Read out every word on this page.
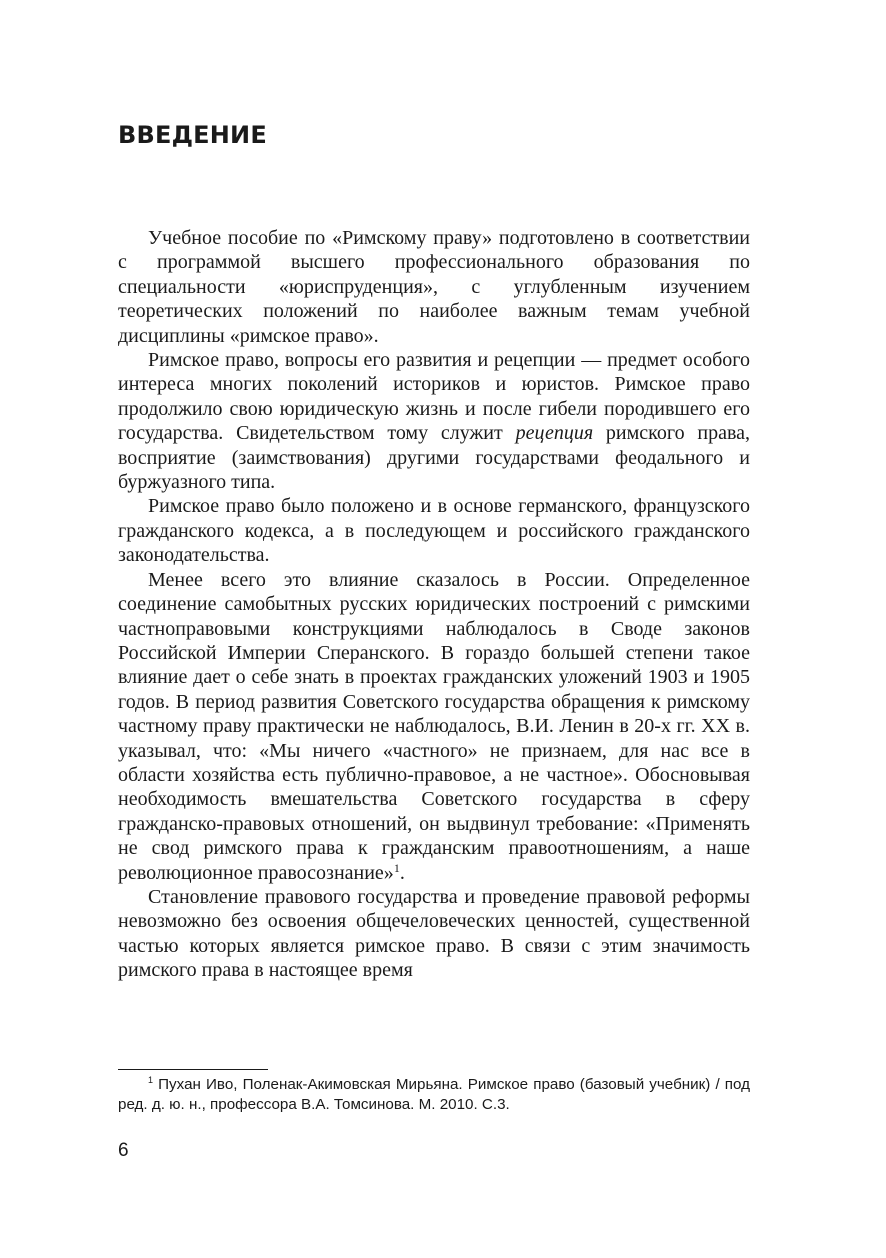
ВВЕДЕНИЕ

Учебное пособие по «Римскому праву» подготовлено в соответствии с программой высшего профессионального образования по специальности «юриспруденция», с углубленным изучением теоретических положений по наиболее важным темам учебной дисциплины «римское право».

Римское право, вопросы его развития и рецепции — предмет особого интереса многих поколений историков и юристов. Римское право продолжило свою юридическую жизнь и после гибели породившего его государства. Свидетельством тому служит рецепция римского права, восприятие (заимствования) другими государствами феодального и буржуазного типа.

Римское право было положено и в основе германского, французского гражданского кодекса, а в последующем и российского гражданского законодательства.

Менее всего это влияние сказалось в России. Определенное соединение самобытных русских юридических построений с римскими частноправовыми конструкциями наблюдалось в Своде законов Российской Империи Сперанского. В гораздо большей степени такое влияние дает о себе знать в проектах гражданских уложений 1903 и 1905 годов. В период развития Советского государства обращения к римскому частному праву практически не наблюдалось, В.И. Ленин в 20-х гг. XX в. указывал, что: «Мы ничего «частного» не признаем, для нас все в области хозяйства есть публично-правовое, а не частное». Обосновывая необходимость вмешательства Советского государства в сферу гражданско-правовых отношений, он выдвинул требование: «Применять не свод римского права к гражданским правоотношениям, а наше революционное правосознание»$^1$.

Становление правового государства и проведение правовой реформы невозможно без освоения общечеловеческих ценностей, существенной частью которых является римское право. В связи с этим значимость римского права в настоящее время

$^1$ Пухан Иво, Поленак-Акимовская Мирьяна. Римское право (базовый учебник) / под ред. д. ю. н., профессора В.А. Томсинова. М. 2010. С.3.

6
